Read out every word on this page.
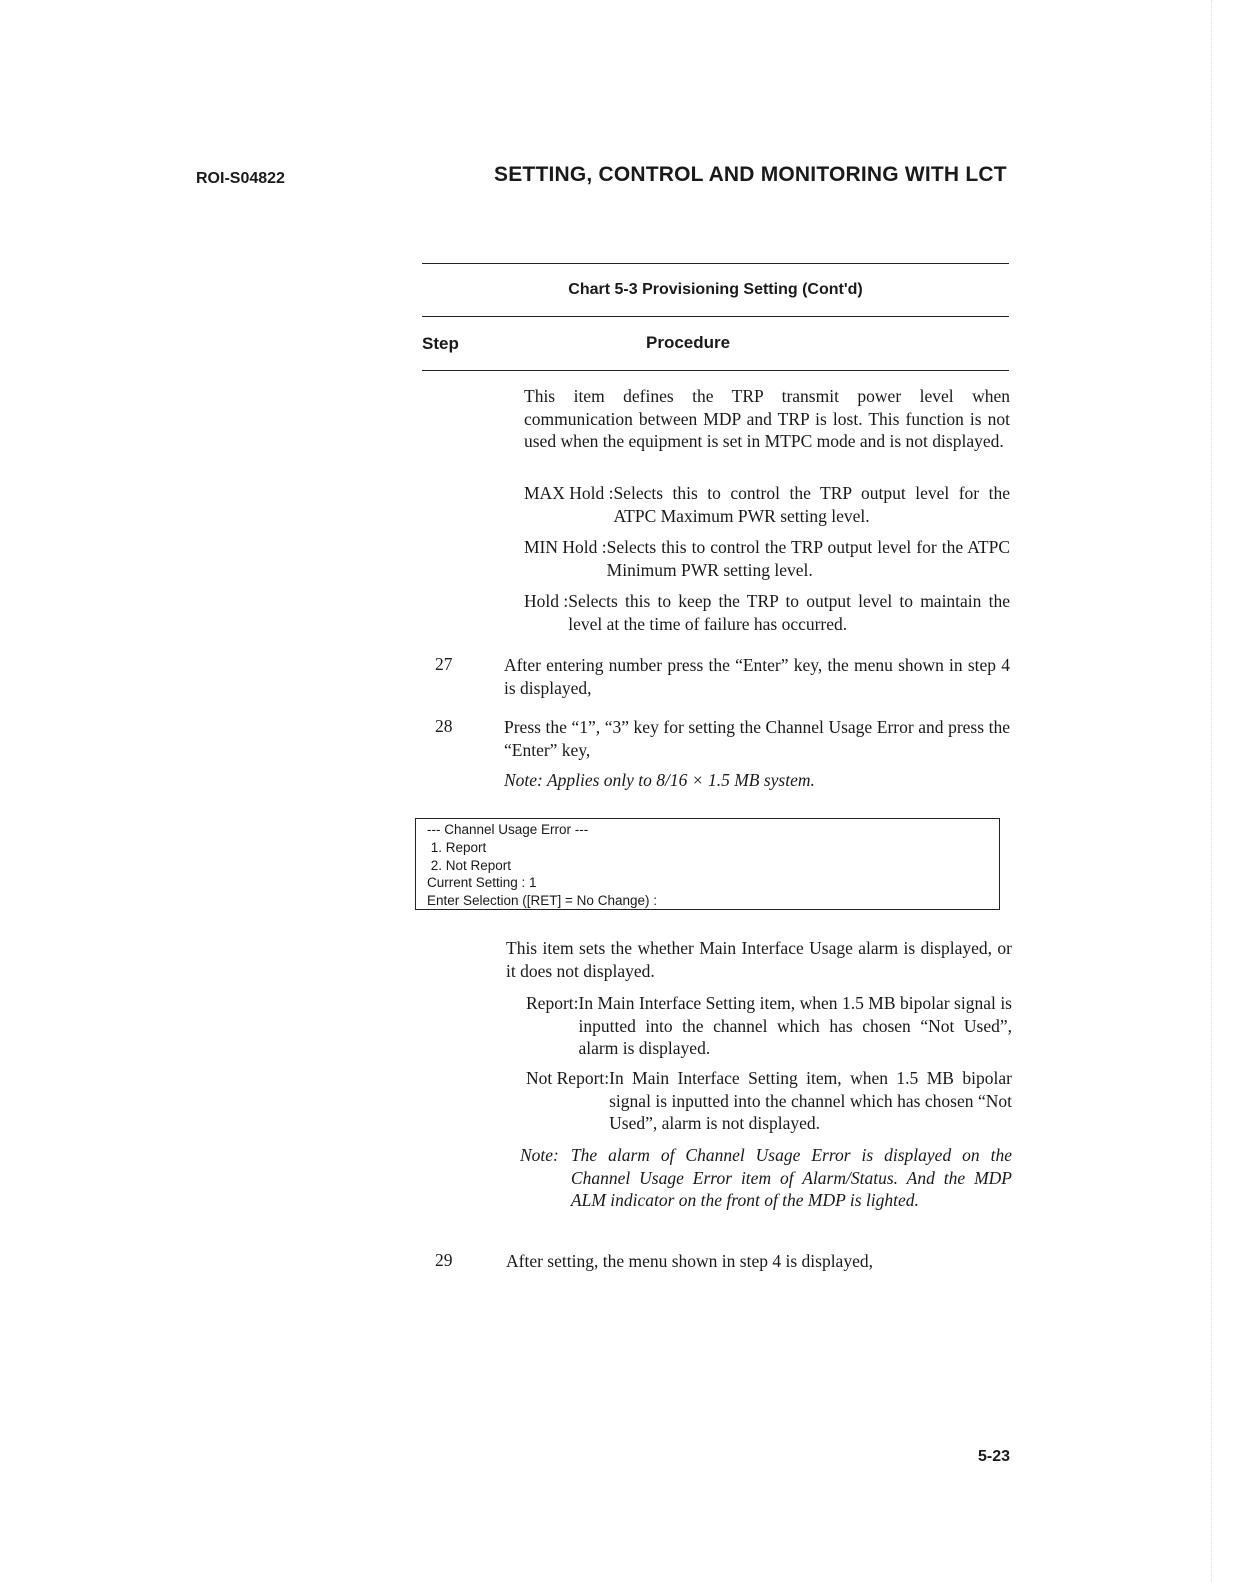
ROI-S04822	SETTING, CONTROL AND MONITORING WITH LCT
Chart 5-3 Provisioning Setting (Cont'd)
Step	Procedure
This item defines the TRP transmit power level when communication between MDP and TRP is lost. This function is not used when the equipment is set in MTPC mode and is not displayed.
MAX Hold : Selects this to control the TRP output level for the ATPC Maximum PWR setting level.
MIN Hold : Selects this to control the TRP output level for the ATPC Minimum PWR setting level.
Hold : Selects this to keep the TRP to output level to maintain the level at the time of failure has occurred.
27	After entering number press the “Enter” key, the menu shown in step 4 is displayed,
28	Press the “1”, “3” key for setting the Channel Usage Error and press the “Enter” key,
Note: Applies only to 8/16 × 1.5 MB system.
--- Channel Usage Error ---
1. Report
2. Not Report
Current Setting : 1
Enter Selection ([RET] = No Change) :
This item sets the whether Main Interface Usage alarm is displayed, or it does not displayed.
Report: In Main Interface Setting item, when 1.5 MB bipolar signal is inputted into the channel which has chosen “Not Used”, alarm is displayed.
Not Report: In Main Interface Setting item, when 1.5 MB bipolar signal is inputted into the channel which has chosen “Not Used”, alarm is not displayed.
Note: The alarm of Channel Usage Error is displayed on the Channel Usage Error item of Alarm/Status. And the MDP ALM indicator on the front of the MDP is lighted.
29	After setting, the menu shown in step 4 is displayed,
5-23
